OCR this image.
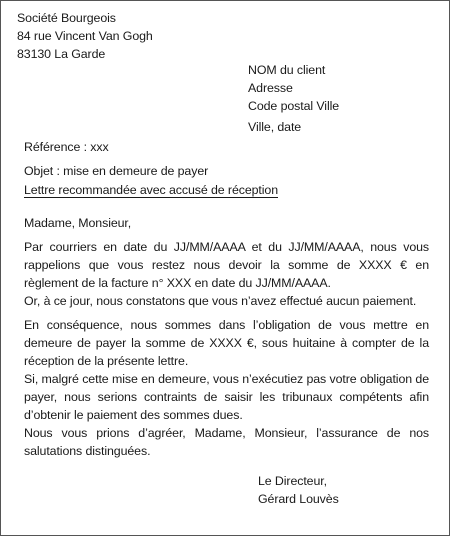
Société Bourgeois
84 rue Vincent Van Gogh
83130 La Garde
NOM du client
Adresse
Code postal Ville
Ville, date
Référence : xxx
Objet : mise en demeure de payer
Lettre recommandée avec accusé de réception
Madame, Monsieur,
Par courriers en date du JJ/MM/AAAA et du JJ/MM/AAAA, nous vous rappelions que vous restez nous devoir la somme de XXXX € en règlement de la facture n° XXX en date du JJ/MM/AAAA.
Or, à ce jour, nous constatons que vous n’avez effectué aucun paiement.
En conséquence, nous sommes dans l’obligation de vous mettre en demeure de payer la somme de XXXX €, sous huitaine à compter de la réception de la présente lettre.
Si, malgré cette mise en demeure, vous n’exécutiez pas votre obligation de payer, nous serions contraints de saisir les tribunaux compétents afin d’obtenir le paiement des sommes dues.
Nous vous prions d’agréer, Madame, Monsieur, l’assurance de nos salutations distinguées.
Le Directeur,
Gérard Louvès
